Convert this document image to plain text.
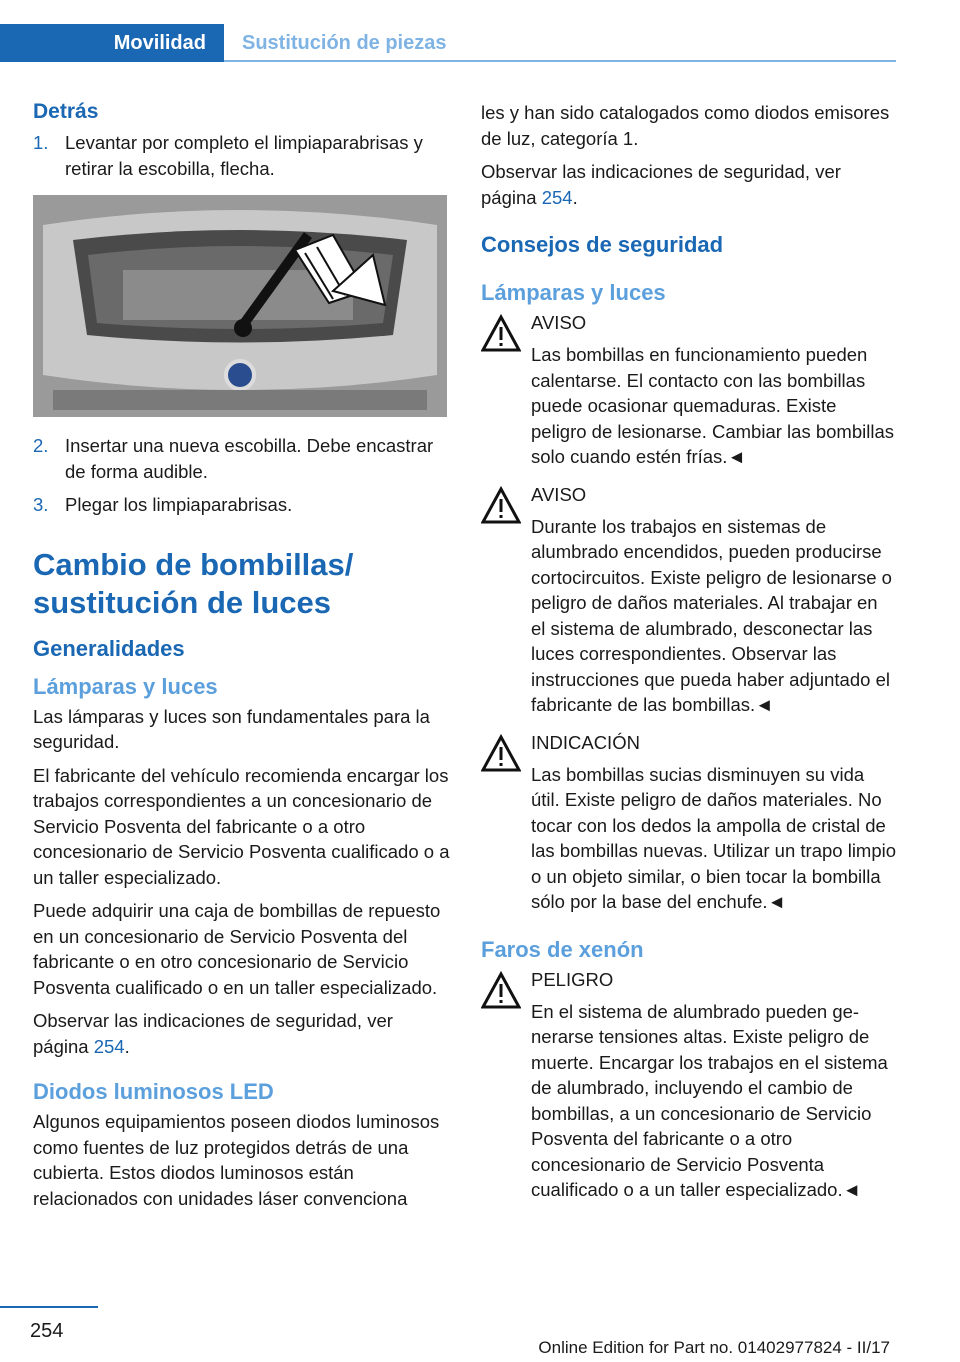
Movilidad	Sustitución de piezas
Detrás
1. Levantar por completo el limpiaparabrisas y retirar la escobilla, flecha.
2. Insertar una nueva escobilla. Debe encastrar de forma audible.
3. Plegar los limpiaparabrisas.
Cambio de bombillas/
sustitución de luces
Generalidades
Lámparas y luces

Las lámparas y luces son fundamentales para la seguridad.

El fabricante del vehículo recomienda encargar los trabajos correspondientes a un concesionario de Servicio Posventa del fabricante o a otro concesionario de Servicio Posventa cualificado o a un taller especializado.

Puede adquirir una caja de bombillas de repuesto en un concesionario de Servicio Posventa del fabricante o en otro concesionario de Servicio Posventa cualificado o en un taller especializado.

Observar las indicaciones de seguridad, ver página 254.

Diodos luminosos LED

Algunos equipamientos poseen diodos luminosos como fuentes de luz protegidos detrás de una cubierta. Estos diodos luminosos están relacionados con unidades láser convenciona

les y han sido catalogados como diodos emisores de luz, categoría 1.

Observar las indicaciones de seguridad, ver página 254.

Consejos de seguridad
Lámparas y luces
AVISO
Las bombillas en funcionamiento pueden calentarse. El contacto con las bombillas puede ocasionar quemaduras. Existe peligro de lesionarse. Cambiar las bombillas solo cuando estén frías.◄
AVISO
Durante los trabajos en sistemas de alumbrado encendidos, pueden producirse cortocircuitos. Existe peligro de lesionarse o peligro de daños materiales. Al trabajar en el sistema de alumbrado, desconectar las luces correspondientes. Observar las instrucciones que pueda haber adjuntado el fabricante de las bombillas.◄
INDICACIÓN
Las bombillas sucias disminuyen su vida útil. Existe peligro de daños materiales. No tocar con los dedos la ampolla de cristal de las bombillas nuevas. Utilizar un trapo limpio o un objeto similar, o bien tocar la bombilla sólo por la base del enchufe.◄
Faros de xenón
PELIGRO
En el sistema de alumbrado pueden generarse tensiones altas. Existe peligro de muerte. Encargar los trabajos en el sistema de alumbrado, incluyendo el cambio de bombillas, a un concesionario de Servicio Posventa del fabricante o a otro concesionario de Servicio Posventa cualificado o a un taller especializado.◄
254
Online Edition for Part no. 01402977824 - II/17
